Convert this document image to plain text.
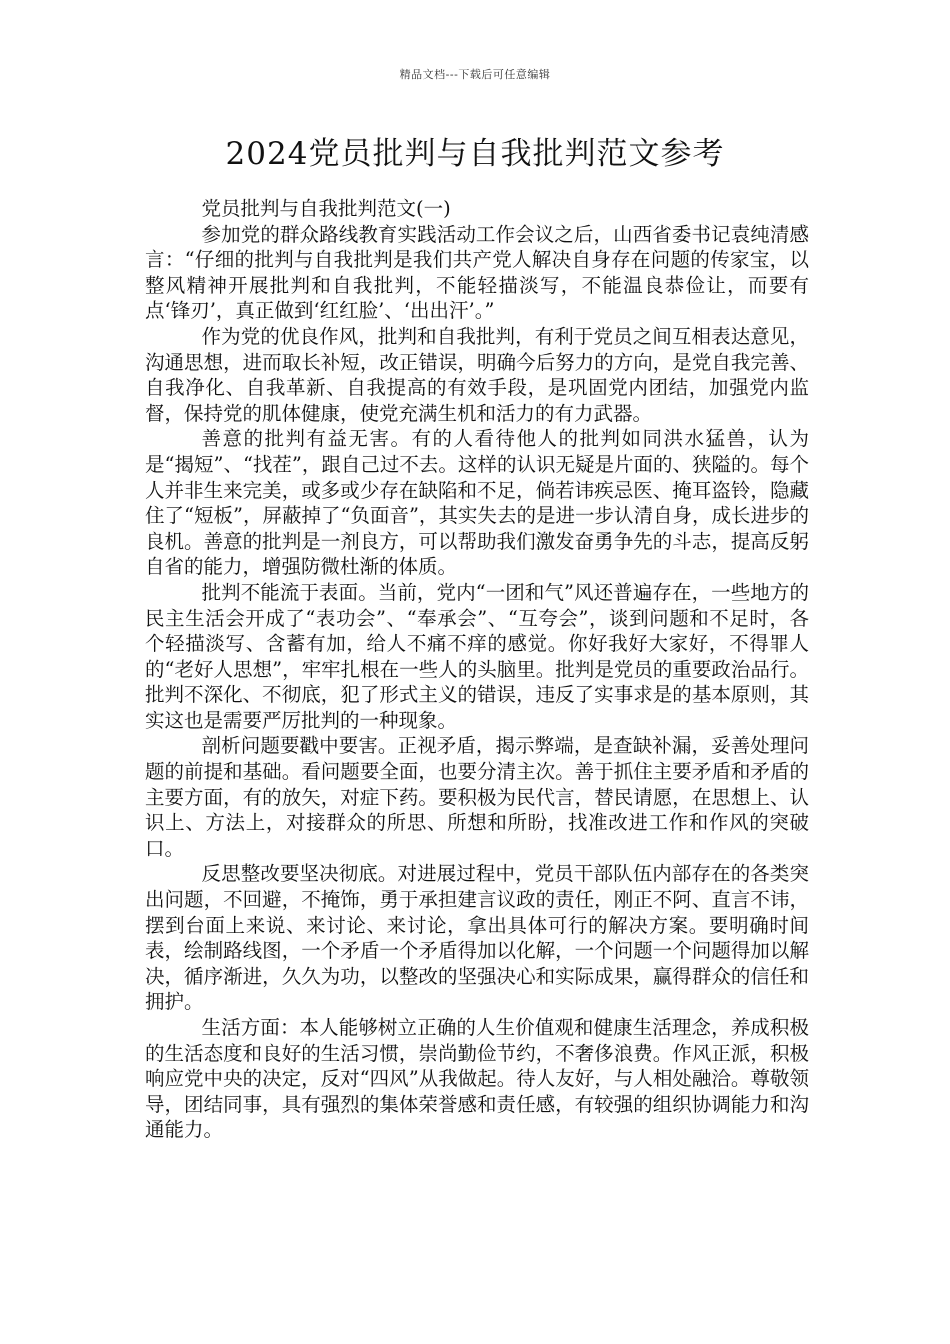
精品文档---下载后可任意编辑
2024党员批判与自我批判范文参考

党员批判与自我批判范文(一)

参加党的群众路线教育实践活动工作会议之后，山西省委书记袁纯清感言：“仔细的批判与自我批判是我们共产党人解决自身存在问题的传家宝，以整风精神开展批判和自我批判，不能轻描淡写，不能温良恭俭让，而要有点‘锋刃’，真正做到‘红红脸’、‘出出汗’。”

作为党的优良作风，批判和自我批判，有利于党员之间互相表达意见，沟通思想，进而取长补短，改正错误，明确今后努力的方向，是党自我完善、自我净化、自我革新、自我提高的有效手段，是巩固党内团结，加强党内监督，保持党的肌体健康，使党充满生机和活力的有力武器。

善意的批判有益无害。有的人看待他人的批判如同洪水猛兽，认为是“揭短”、“找茬”，跟自己过不去。这样的认识无疑是片面的、狭隘的。每个人并非生来完美，或多或少存在缺陷和不足，倘若讳疾忌医、掩耳盗铃，隐藏住了“短板”，屏蔽掉了“负面音”，其实失去的是进一步认清自身，成长进步的良机。善意的批判是一剂良方，可以帮助我们激发奋勇争先的斗志，提高反躬自省的能力，增强防微杜渐的体质。

批判不能流于表面。当前，党内“一团和气”风还普遍存在，一些地方的民主生活会开成了“表功会”、“奉承会”、“互夸会”，谈到问题和不足时，各个轻描淡写、含蓄有加，给人不痛不痒的感觉。你好我好大家好，不得罪人的“老好人思想”，牢牢扎根在一些人的头脑里。批判是党员的重要政治品行。批判不深化、不彻底，犯了形式主义的错误，违反了实事求是的基本原则，其实这也是需要严厉批判的一种现象。

剖析问题要戳中要害。正视矛盾，揭示弊端，是查缺补漏，妥善处理问题的前提和基础。看问题要全面，也要分清主次。善于抓住主要矛盾和矛盾的主要方面，有的放矢，对症下药。要积极为民代言，替民请愿，在思想上、认识上、方法上，对接群众的所思、所想和所盼，找准改进工作和作风的突破口。

反思整改要坚决彻底。对进展过程中，党员干部队伍内部存在的各类突出问题，不回避，不掩饰，勇于承担建言议政的责任，刚正不阿、直言不讳，摆到台面上来说、来讨论、来讨论，拿出具体可行的解决方案。要明确时间表，绘制路线图，一个矛盾一个矛盾得加以化解，一个问题一个问题得加以解决，循序渐进，久久为功，以整改的坚强决心和实际成果，赢得群众的信任和拥护。

生活方面：本人能够树立正确的人生价值观和健康生活理念，养成积极的生活态度和良好的生活习惯，崇尚勤俭节约，不奢侈浪费。作风正派，积极响应党中央的决定，反对“四风”从我做起。待人友好，与人相处融洽。尊敬领导，团结同事，具有强烈的集体荣誉感和责任感，有较强的组织协调能力和沟通能力。
